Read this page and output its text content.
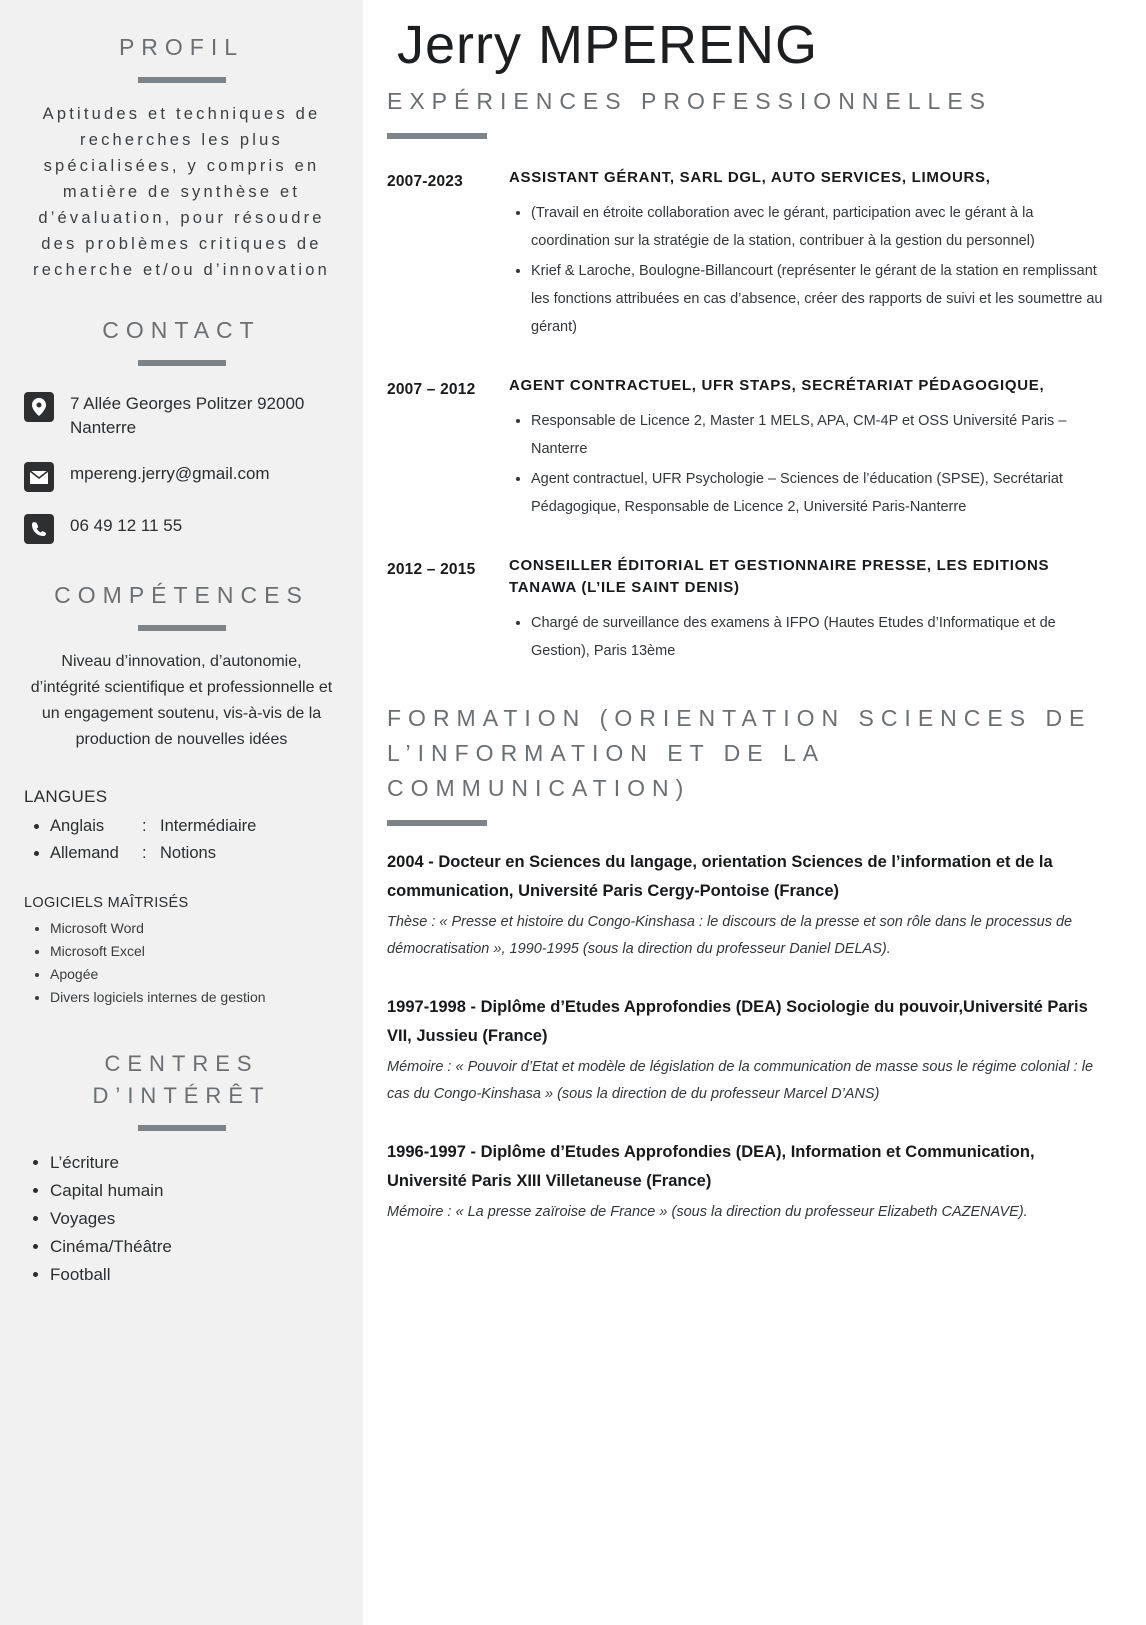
PROFIL
Aptitudes et techniques de recherches les plus spécialisées, y compris en matière de synthèse et d’évaluation, pour résoudre des problèmes critiques de recherche et/ou d’innovation
CONTACT
7 Allée Georges Politzer 92000 Nanterre
mpereng.jerry@gmail.com
06 49 12 11 55
COMPÉTENCES
Niveau d’innovation, d’autonomie, d’intégrité scientifique et professionnelle et un engagement soutenu, vis-à-vis de la production de nouvelles idées
LANGUES
• Anglais : Intermédiaire
• Allemand : Notions
LOGICIELS MAÎTRISÉS
• Microsoft Word
• Microsoft Excel
• Apogée
• Divers logiciels internes de gestion
CENTRES
D’INTÉRÊT
• L’écriture
• Capital humain
• Voyages
• Cinéma/Théâtre
• Football
Jerry MPERENG
EXPÉRIENCES PROFESSIONNELLES
2007-2023	ASSISTANT GÉRANT, SARL DGL, AUTO SERVICES, LIMOURS,
• (Travail en étroite collaboration avec le gérant, participation avec le gérant à la coordination sur la stratégie de la station, contribuer à la gestion du personnel)
• Krief & Laroche, Boulogne-Billancourt (représenter le gérant de la station en remplissant les fonctions attribuées en cas d’absence, créer des rapports de suivi et les soumettre au gérant)
2007 – 2012	AGENT CONTRACTUEL, UFR STAPS, SECRÉTARIAT PÉDAGOGIQUE,
• Responsable de Licence 2, Master 1 MELS, APA, CM-4P et OSS Université Paris – Nanterre
• Agent contractuel, UFR Psychologie – Sciences de l’éducation (SPSE), Secrétariat Pédagogique, Responsable de Licence 2, Université Paris-Nanterre
2012 – 2015	CONSEILLER ÉDITORIAL ET GESTIONNAIRE PRESSE, LES EDITIONS TANAWA (L’ILE SAINT DENIS)
• Chargé de surveillance des examens à IFPO (Hautes Etudes d’Informatique et de Gestion), Paris 13ème
FORMATION (ORIENTATION SCIENCES DE L’INFORMATION ET DE LA COMMUNICATION)
2004 - Docteur en Sciences du langage, orientation Sciences de l’information et de la communication, Université Paris Cergy-Pontoise (France)
Thèse : « Presse et histoire du Congo-Kinshasa : le discours de la presse et son rôle dans le processus de démocratisation », 1990-1995 (sous la direction du professeur Daniel DELAS).
1997-1998 - Diplôme d’Etudes Approfondies (DEA) Sociologie du pouvoir,Université Paris VII, Jussieu (France)
Mémoire : « Pouvoir d’Etat et modèle de législation de la communication de masse sous le régime colonial : le cas du Congo-Kinshasa » (sous la direction de du professeur Marcel D’ANS)
1996-1997 - Diplôme d’Etudes Approfondies (DEA), Information et Communication, Université Paris XIII Villetaneuse (France)
Mémoire : « La presse zaïroise de France » (sous la direction du professeur Elizabeth CAZENAVE).
